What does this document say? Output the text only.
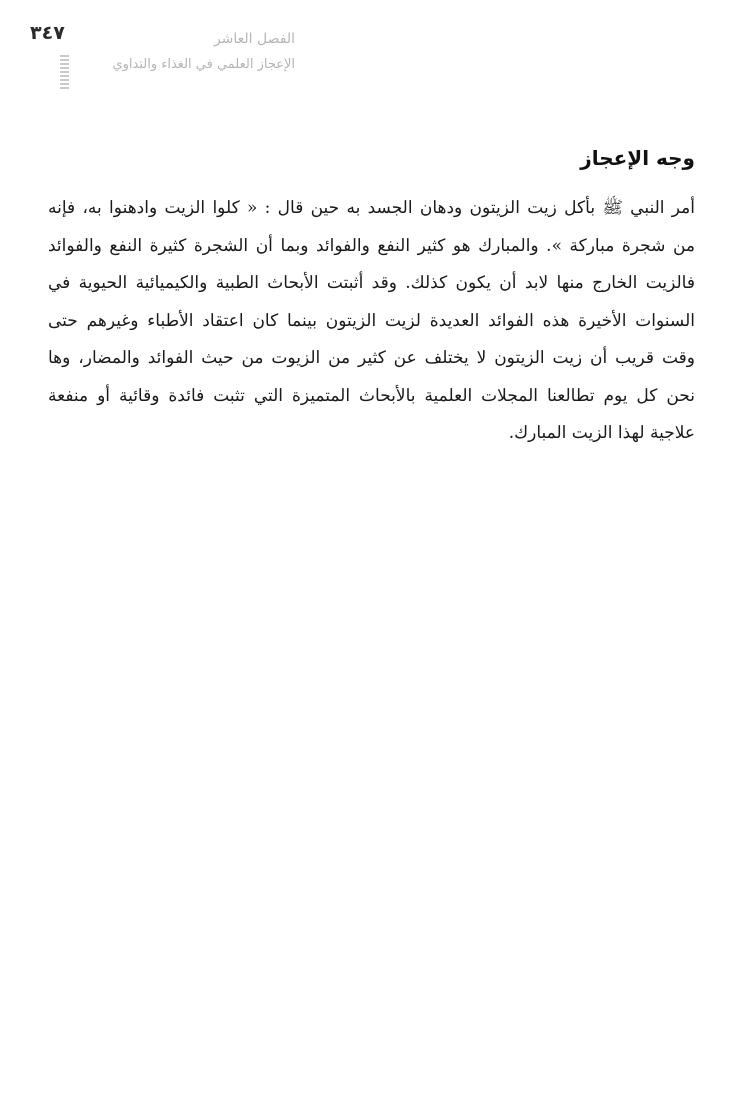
٣٤٧	الفصل العاشر
الإعجاز العلمي في الغذاء والتداوي
وجه الإعجاز
أمر النبي ﷺ بأكل زيت الزيتون ودهان الجسد به حين قال : « كلوا الزيت وادهنوا به، فإنه
من شجرة مباركة ». والمبارك هو كثير النفع والفوائد وبما أن الشجرة كثيرة النفع والفوائد
فالزيت الخارج منها لابد أن يكون كذلك. وقد أثبتت الأبحاث الطبية والكيميائية الحيوية في
السنوات الأخيرة هذه الفوائد العديدة لزيت الزيتون بينما كان اعتقاد الأطباء وغيرهم حتى
وقت قريب أن زيت الزيتون لا يختلف عن كثير من الزيوت من حيث الفوائد والمضار، وها
نحن كل يوم تطالعنا المجلات العلمية بالأبحاث المتميزة التي تثبت فائدة وقائية أو منفعة
علاجية لهذا الزيت المبارك.
